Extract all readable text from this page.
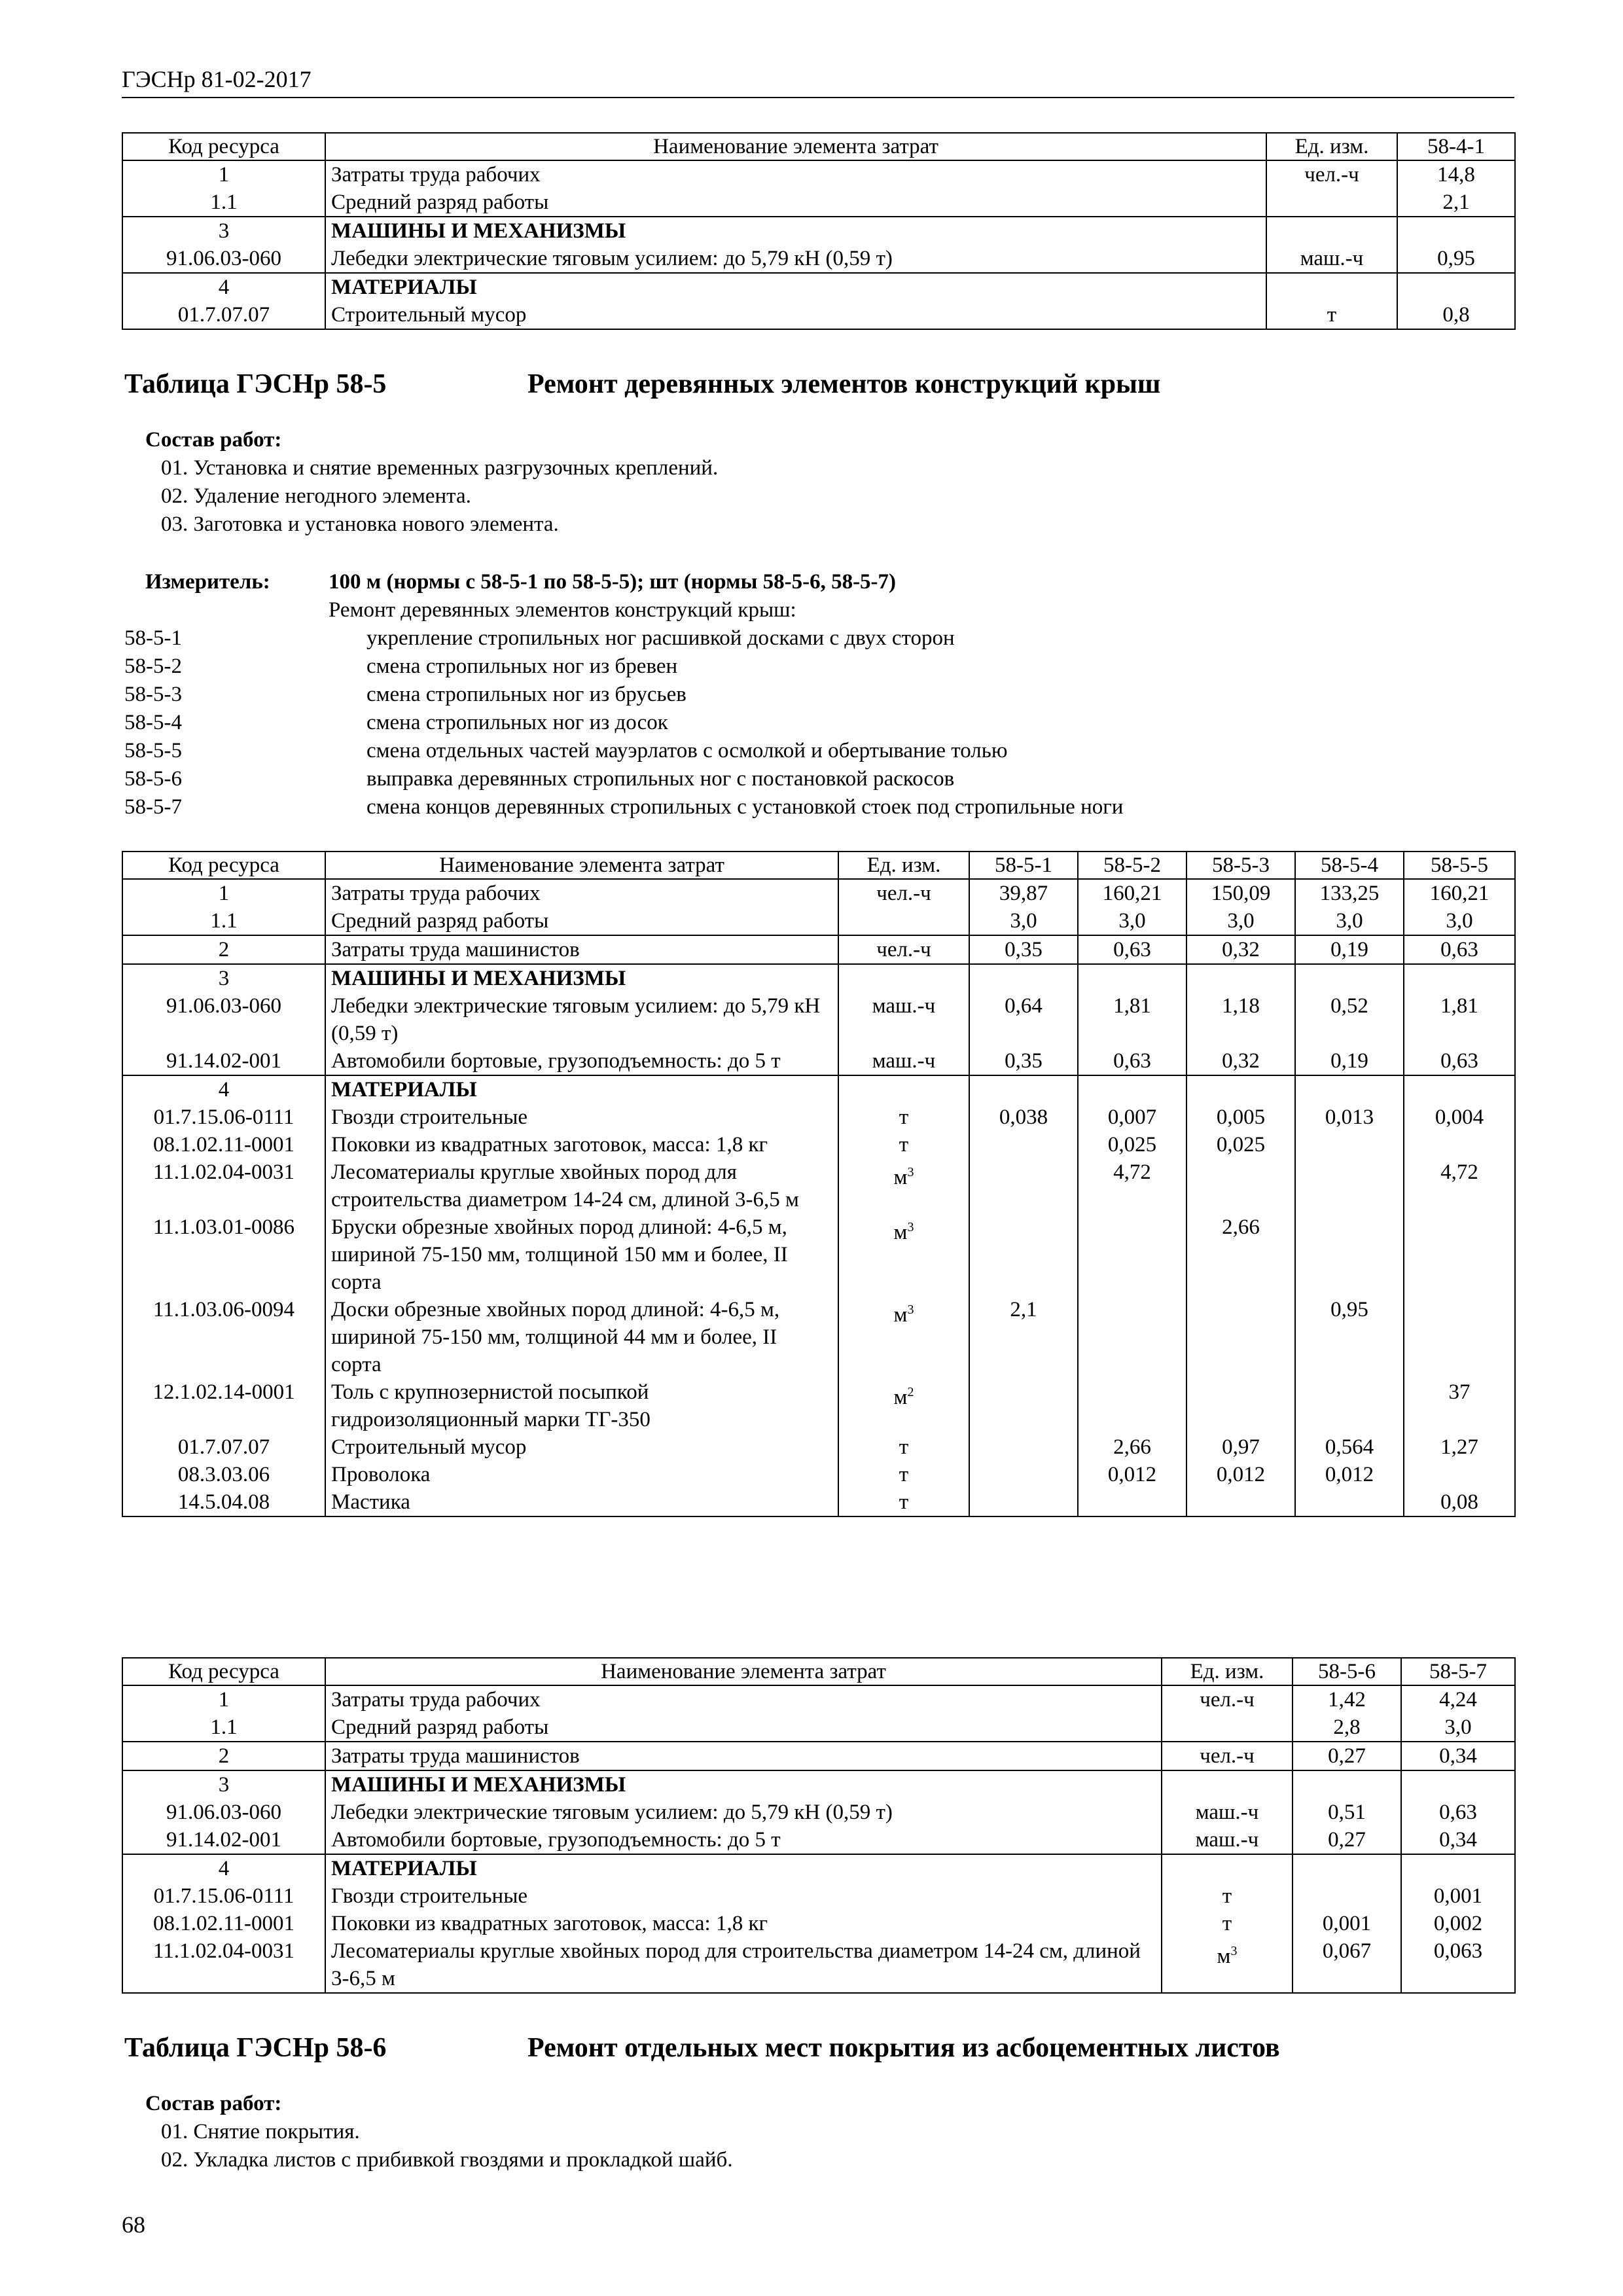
ГЭСНр 81-02-2017
Код ресурса	Наименование элемента затрат	Ед. изм.	58-4-1
1	Затраты труда рабочих	чел.-ч	14,8
1.1	Средний разряд работы		2,1
3	МАШИНЫ И МЕХАНИЗМЫ		
91.06.03-060	Лебедки электрические тяговым усилием: до 5,79 кН (0,59 т)	маш.-ч	0,95
4	МАТЕРИАЛЫ		
01.7.07.07	Строительный мусор	т	0,8
Таблица ГЭСНр 58-5	Ремонт деревянных элементов конструкций крыш
Состав работ:
01. Установка и снятие временных разгрузочных креплений.
02. Удаление негодного элемента.
03. Заготовка и установка нового элемента.
Измеритель:	100 м (нормы с 58-5-1 по 58-5-5); шт (нормы 58-5-6, 58-5-7)
Ремонт деревянных элементов конструкций крыш:
58-5-1	укрепление стропильных ног расшивкой досками с двух сторон
58-5-2	смена стропильных ног из бревен
58-5-3	смена стропильных ног из брусьев
58-5-4	смена стропильных ног из досок
58-5-5	смена отдельных частей мауэрлатов с осмолкой и обертывание толью
58-5-6	выправка деревянных стропильных ног с постановкой раскосов
58-5-7	смена концов деревянных стропильных с установкой стоек под стропильные ноги
Код ресурса	Наименование элемента затрат	Ед. изм.	58-5-1	58-5-2	58-5-3	58-5-4	58-5-5
1	Затраты труда рабочих	чел.-ч	39,87	160,21	150,09	133,25	160,21
1.1	Средний разряд работы		3,0	3,0	3,0	3,0	3,0
2	Затраты труда машинистов	чел.-ч	0,35	0,63	0,32	0,19	0,63
3	МАШИНЫ И МЕХАНИЗМЫ						
91.06.03-060	Лебедки электрические тяговым усилием: до 5,79 кН (0,59 т)	маш.-ч	0,64	1,81	1,18	0,52	1,81
91.14.02-001	Автомобили бортовые, грузоподъемность: до 5 т	маш.-ч	0,35	0,63	0,32	0,19	0,63
4	МАТЕРИАЛЫ						
01.7.15.06-0111	Гвозди строительные	т	0,038	0,007	0,005	0,013	0,004
08.1.02.11-0001	Поковки из квадратных заготовок, масса: 1,8 кг	т		0,025	0,025		
11.1.02.04-0031	Лесоматериалы круглые хвойных пород для строительства диаметром 14-24 см, длиной 3-6,5 м	$м^3$		4,72			4,72
11.1.03.01-0086	Бруски обрезные хвойных пород длиной: 4-6,5 м, шириной 75-150 мм, толщиной 150 мм и более, II сорта	$м^3$			2,66		
11.1.03.06-0094	Доски обрезные хвойных пород длиной: 4-6,5 м, шириной 75-150 мм, толщиной 44 мм и более, II сорта	$м^3$	2,1			0,95	
12.1.02.14-0001	Толь с крупнозернистой посыпкой гидроизоляционный марки ТГ-350	$м^2$					37
01.7.07.07	Строительный мусор	т		2,66	0,97	0,564	1,27
08.3.03.06	Проволока	т		0,012	0,012	0,012	
14.5.04.08	Мастика	т					0,08
Код ресурса	Наименование элемента затрат	Ед. изм.	58-5-6	58-5-7
1	Затраты труда рабочих	чел.-ч	1,42	4,24
1.1	Средний разряд работы		2,8	3,0
2	Затраты труда машинистов	чел.-ч	0,27	0,34
3	МАШИНЫ И МЕХАНИЗМЫ			
91.06.03-060	Лебедки электрические тяговым усилием: до 5,79 кН (0,59 т)	маш.-ч	0,51	0,63
91.14.02-001	Автомобили бортовые, грузоподъемность: до 5 т	маш.-ч	0,27	0,34
4	МАТЕРИАЛЫ			
01.7.15.06-0111	Гвозди строительные	т		0,001
08.1.02.11-0001	Поковки из квадратных заготовок, масса: 1,8 кг	т	0,001	0,002
11.1.02.04-0031	Лесоматериалы круглые хвойных пород для строительства диаметром 14-24 см, длиной 3-6,5 м	$м^3$	0,067	0,063
Таблица ГЭСНр 58-6	Ремонт отдельных мест покрытия из асбоцементных листов
Состав работ:
01. Снятие покрытия.
02. Укладка листов с прибивкой гвоздями и прокладкой шайб.
68
